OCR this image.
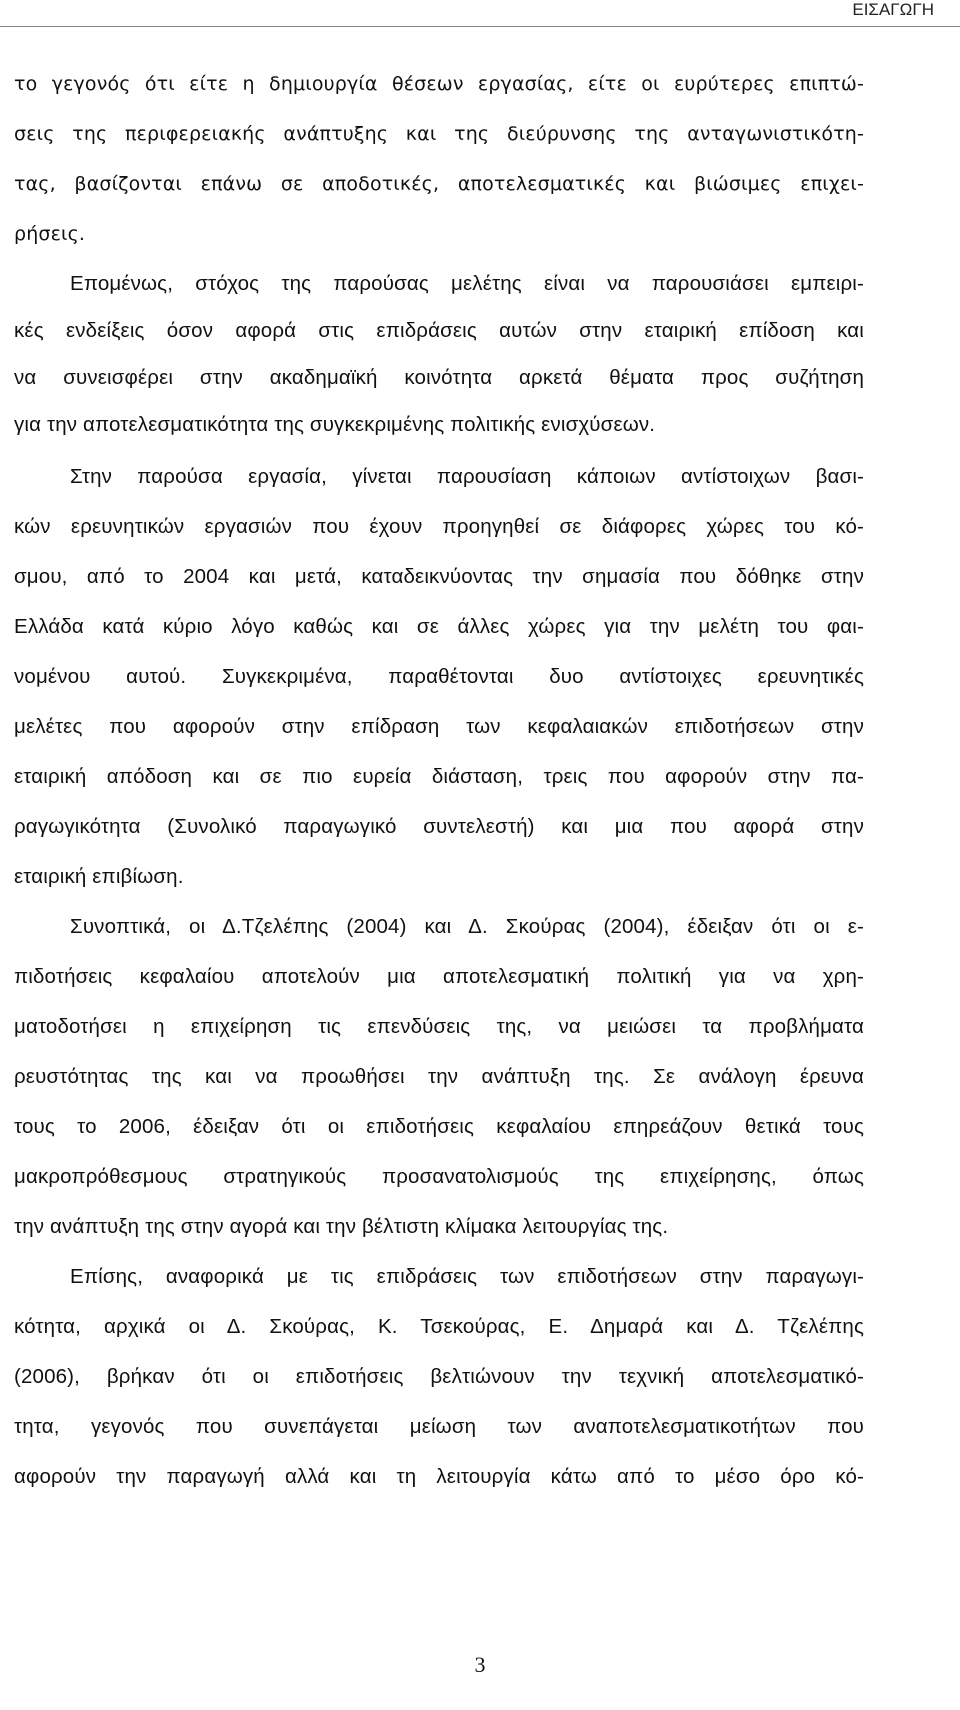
ΕΙΣΑΓΩΓΗ
το γεγονός ότι είτε η δημιουργία θέσεων εργασίας, είτε οι ευρύτερες επιπτώ-
σεις της περιφερειακής ανάπτυξης και της διεύρυνσης της ανταγωνιστικότη-
τας, βασίζονται επάνω σε αποδοτικές, αποτελεσματικές και βιώσιμες επιχει-
ρήσεις.
Επομένως, στόχος της παρούσας μελέτης είναι να παρουσιάσει εμπειρι-
κές ενδείξεις όσον αφορά στις επιδράσεις αυτών στην εταιρική επίδοση και
να συνεισφέρει στην ακαδημαϊκή κοινότητα αρκετά θέματα προς συζήτηση
για την αποτελεσματικότητα της συγκεκριμένης πολιτικής ενισχύσεων.
Στην παρούσα εργασία, γίνεται παρουσίαση κάποιων αντίστοιχων βασι-
κών ερευνητικών εργασιών που έχουν προηγηθεί σε διάφορες χώρες του κό-
σμου, από το 2004 και μετά, καταδεικνύοντας την σημασία που δόθηκε στην
Ελλάδα κατά κύριο λόγο καθώς και σε άλλες χώρες για την μελέτη του φαι-
νομένου αυτού. Συγκεκριμένα, παραθέτονται δυο αντίστοιχες ερευνητικές
μελέτες που αφορούν στην επίδραση των κεφαλαιακών επιδοτήσεων στην
εταιρική απόδοση και σε πιο ευρεία διάσταση, τρεις που αφορούν στην πα-
ραγωγικότητα (Συνολικό παραγωγικό συντελεστή) και μια που αφορά στην
εταιρική επιβίωση.
Συνοπτικά, οι Δ.Τζελέπης (2004) και Δ. Σκούρας (2004), έδειξαν ότι οι ε-
πιδοτήσεις κεφαλαίου αποτελούν μια αποτελεσματική πολιτική για να χρη-
ματοδοτήσει η επιχείρηση τις επενδύσεις της, να μειώσει τα προβλήματα
ρευστότητας της και να προωθήσει την ανάπτυξη της. Σε ανάλογη έρευνα
τους το 2006, έδειξαν ότι οι επιδοτήσεις κεφαλαίου επηρεάζουν θετικά τους
μακροπρόθεσμους στρατηγικούς προσανατολισμούς της επιχείρησης, όπως
την ανάπτυξη της στην αγορά και την βέλτιστη κλίμακα λειτουργίας της.
Επίσης, αναφορικά με τις επιδράσεις των επιδοτήσεων στην παραγωγι-
κότητα, αρχικά οι Δ. Σκούρας, Κ. Τσεκούρας, Ε. Δημαρά και Δ. Τζελέπης
(2006), βρήκαν ότι οι επιδοτήσεις βελτιώνουν την τεχνική αποτελεσματικό-
τητα, γεγονός που συνεπάγεται μείωση των αναποτελεσματικοτήτων που
αφορούν την παραγωγή αλλά και τη λειτουργία κάτω από το μέσο όρο κό-
3
